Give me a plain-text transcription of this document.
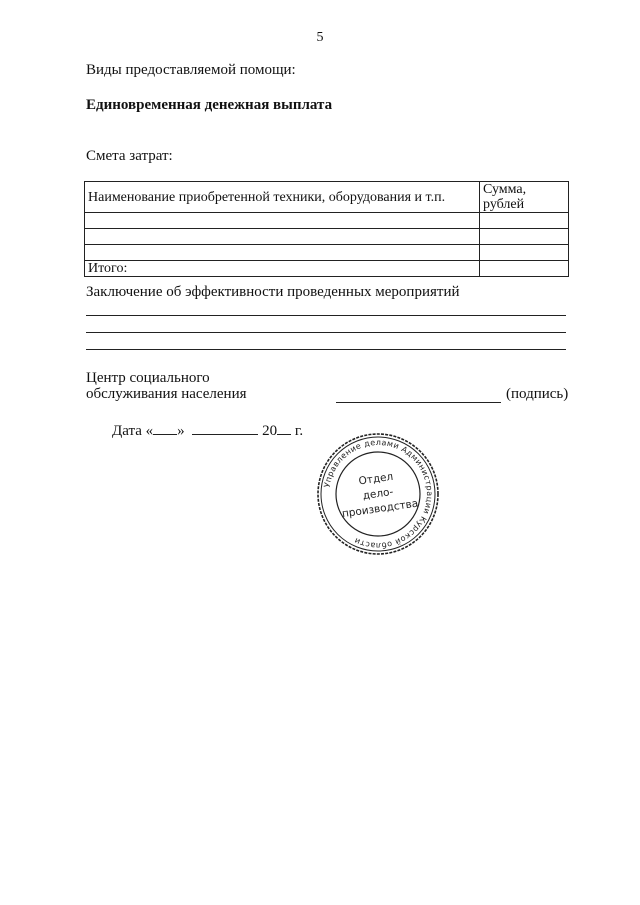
5
Виды предоставляемой помощи:
Единовременная денежная выплата
Смета затрат:
Наименование приобретенной техники, оборудования и т.п.	Сумма, рублей

Итого:	
Заключение об эффективности проведенных мероприятий
Центр социального
обслуживания населения	(подпись)
Дата « »	20 г.
Управление делами Администрации Курской области
Отдел
дело-
производства
